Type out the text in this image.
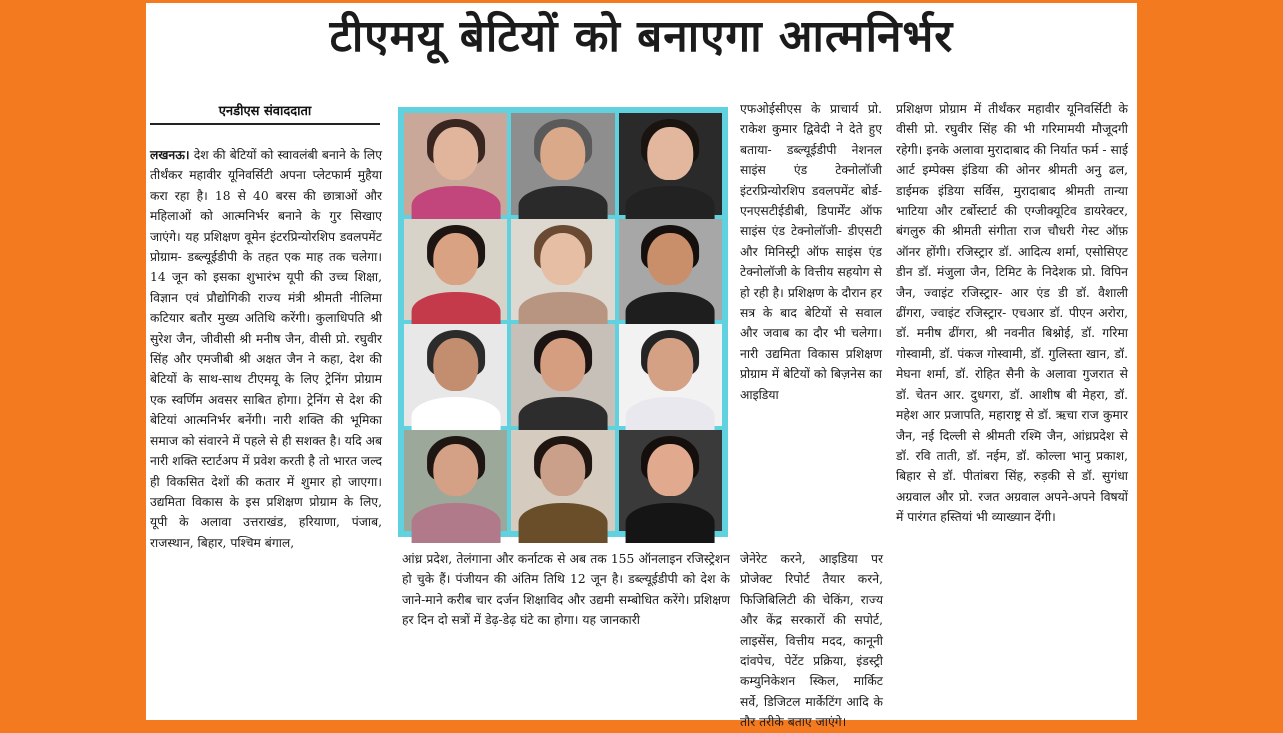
टीएमयू बेटियों को बनाएगा आत्मनिर्भर
एनडीएस संवाददाता

लखनऊ। देश की बेटियों को स्वावलंबी बनाने के लिए तीर्थंकर महावीर यूनिवर्सिटी अपना प्लेटफार्म मुहैया करा रहा है। 18 से 40 बरस की छात्राओं और महिलाओं को आत्मनिर्भर बनाने के गुर सिखाए जाएंगे। यह प्रशिक्षण वूमेन इंटरप्रिन्योरशिप डवलपमेंट प्रोग्राम- डब्ल्यूईडीपी के तहत एक माह तक चलेगा। 14 जून को इसका शुभारंभ यूपी की उच्च शिक्षा, विज्ञान एवं प्रौद्योगिकी राज्य मंत्री श्रीमती नीलिमा कटियार बतौर मुख्य अतिथि करेंगी। कुलाधिपति श्री सुरेश जैन, जीवीसी श्री मनीष जैन, वीसी प्रो. रघुवीर सिंह और एमजीबी श्री अक्षत जैन ने कहा, देश की बेटियों के साथ-साथ टीएमयू के लिए ट्रेनिंग प्रोग्राम एक स्वर्णिम अवसर साबित होगा। ट्रेनिंग से देश की बेटियां आत्मनिर्भर बनेंगी। नारी शक्ति की भूमिका समाज को संवारने में पहले से ही सशक्त है। यदि अब नारी शक्ति स्टार्टअप में प्रवेश करती है तो भारत जल्द ही विकसित देशों की कतार में शुमार हो जाएगा। उद्यमिता विकास के इस प्रशिक्षण प्रोग्राम के लिए, यूपी के अलावा उत्तराखंड, हरियाणा, पंजाब, राजस्थान, बिहार, पश्चिम बंगाल,

आंध्र प्रदेश, तेलंगाना और कर्नाटक से अब तक 155 ऑनलाइन रजिस्ट्रेशन हो चुके हैं। पंजीयन की अंतिम तिथि 12 जून है। डब्ल्यूईडीपी को देश के जाने-माने करीब चार दर्जन शिक्षाविद और उद्यमी सम्बोधित करेंगे। प्रशिक्षण हर दिन दो सत्रों में डेढ़-डेढ़ घंटे का होगा। यह जानकारी

एफओईसीएस के प्राचार्य प्रो. राकेश कुमार द्विवेदी ने देते हुए बताया- डब्ल्यूईडीपी नेशनल साइंस एंड टेक्नोलॉजी इंटरप्रिन्योरशिप डवलपमेंट बोर्ड- एनएसटीईडीबी, डिपार्मेंट ऑफ साइंस एंड टेक्नोलॉजी- डीएसटी और मिनिस्ट्री ऑफ साइंस एंड टेक्नोलॉजी के वित्तीय सहयोग से हो रही है। प्रशिक्षण के दौरान हर सत्र के बाद बेटियों से सवाल और जवाब का दौर भी चलेगा। नारी उद्यमिता विकास प्रशिक्षण प्रोग्राम में बेटियों को बिज़नेस का आइडिया

जेनेरेट करने, आइडिया पर प्रोजेक्ट रिपोर्ट तैयार करने, फिजिबिलिटी की चेकिंग, राज्य और केंद्र सरकारों की सपोर्ट, लाइसेंस, वित्तीय मदद, कानूनी दांवपेच, पेटेंट प्रक्रिया, इंडस्ट्री कम्युनिकेशन स्किल, मार्किट सर्वे, डिजिटल मार्केटिंग आदि के तौर तरीके बताए जाएंगे।

प्रशिक्षण प्रोग्राम में तीर्थंकर महावीर यूनिवर्सिटी के वीसी प्रो. रघुवीर सिंह की भी गरिमामयी मौजूदगी रहेगी। इनके अलावा मुरादाबाद की निर्यात फर्म - साई आर्ट इम्पेक्स इंडिया की ओनर श्रीमती अनु ढल, डाईमक इंडिया सर्विस, मुरादाबाद श्रीमती तान्या भाटिया और टर्बोस्टार्ट की एग्जीक्यूटिव डायरेक्टर, बंगलुरु की श्रीमती संगीता राज चौधरी गेस्ट ऑफ़ ऑनर होंगी। रजिस्ट्रार डॉ. आदित्य शर्मा, एसोसिएट डीन डॉ. मंजुला जैन, टिमिट के निदेशक प्रो. विपिन जैन, ज्वाइंट रजिस्ट्रार- आर एंड डी डॉ. वैशाली ढींगरा, ज्वाइंट रजिस्ट्रार- एचआर डॉ. पीएन अरोरा, डॉ. मनीष ढींगरा, श्री नवनीत बिश्नोई, डॉ. गरिमा गोस्वामी, डॉ. पंकज गोस्वामी, डॉ. गुलिस्ता खान, डॉ. मेघना शर्मा, डॉ. रोहित सैनी के अलावा गुजरात से डॉ. चेतन आर. दुधगरा, डॉ. आशीष बी मेहरा, डॉ. महेश आर प्रजापति, महाराष्ट्र से डॉ. ऋचा राज कुमार जैन, नई दिल्ली से श्रीमती रश्मि जैन, आंध्रप्रदेश से डॉ. रवि ताती, डॉ. नईम, डॉ. कोल्ला भानु प्रकाश, बिहार से डॉ. पीतांबरा सिंह, रुड़की से डॉ. सुगंधा अग्रवाल और प्रो. रजत अग्रवाल अपने-अपने विषयों में पारंगत हस्तियां भी व्याख्यान देंगी।
